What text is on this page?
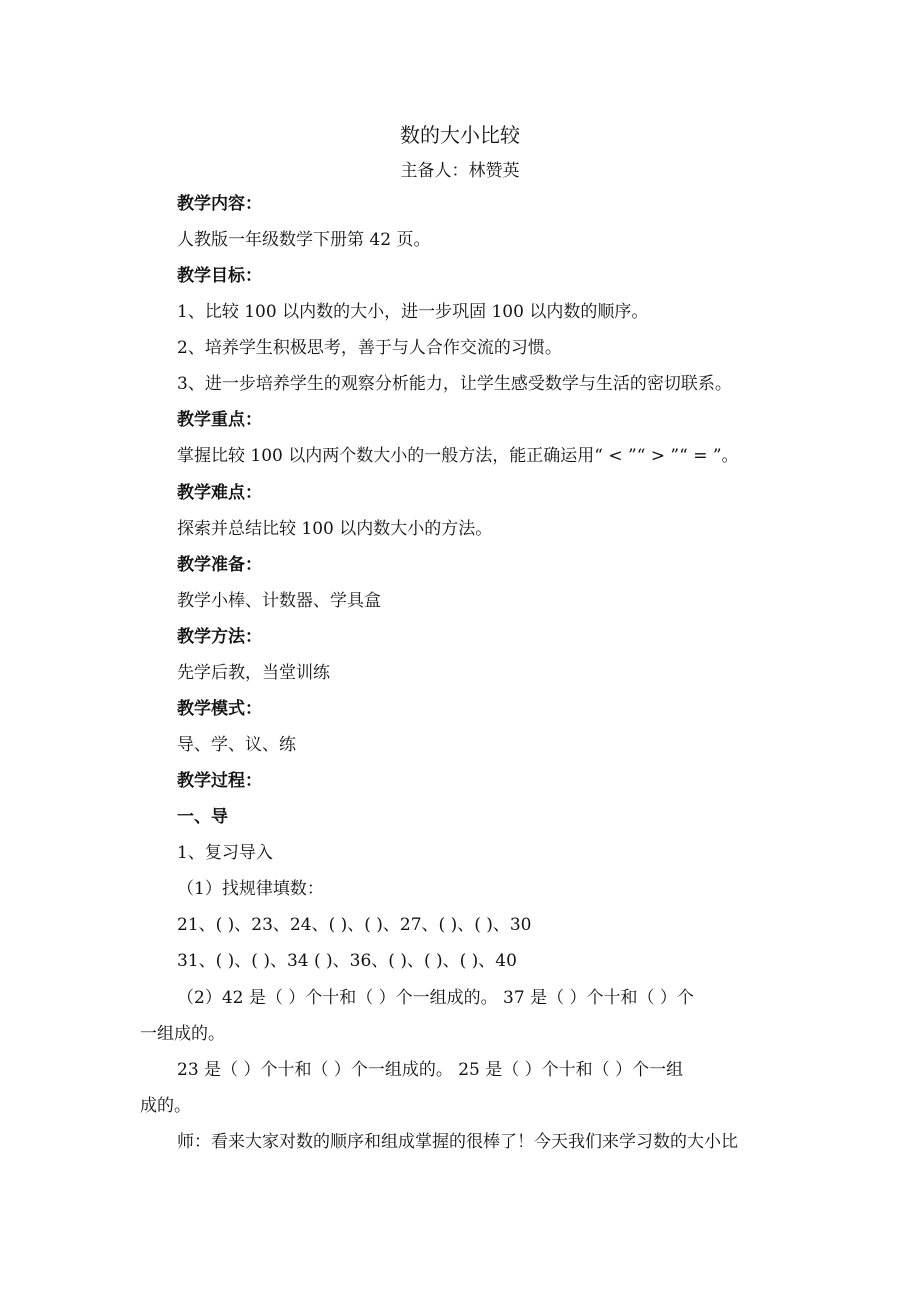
数的大小比较
主备人：林赞英
教学内容：
人教版一年级数学下册第 42 页。
教学目标：
1、比较 100 以内数的大小，进一步巩固 100 以内数的顺序。
2、培养学生积极思考，善于与人合作交流的习惯。
3、进一步培养学生的观察分析能力，让学生感受数学与生活的密切联系。
教学重点：
掌握比较 100 以内两个数大小的一般方法，能正确运用“ < ”“ > ”“ = ”。
教学难点：
探索并总结比较 100 以内数大小的方法。
教学准备：
教学小棒、计数器、学具盒
教学方法：
先学后教，当堂训练
教学模式：
导、学、议、练
教学过程：
一、导
1、复习导入
（1）找规律填数：
21、( )、23、24、( )、( )、27、( )、( )、30
31、( )、( )、34 ( )、36、( )、( )、( )、40
（2）42 是（ ）个十和（ ）个一组成的。 37 是（ ）个十和（ ）个
一组成的。
23 是（ ）个十和（ ）个一组成的。 25 是（ ）个十和（ ）个一组
成的。
师：看来大家对数的顺序和组成掌握的很棒了！今天我们来学习数的大小比
